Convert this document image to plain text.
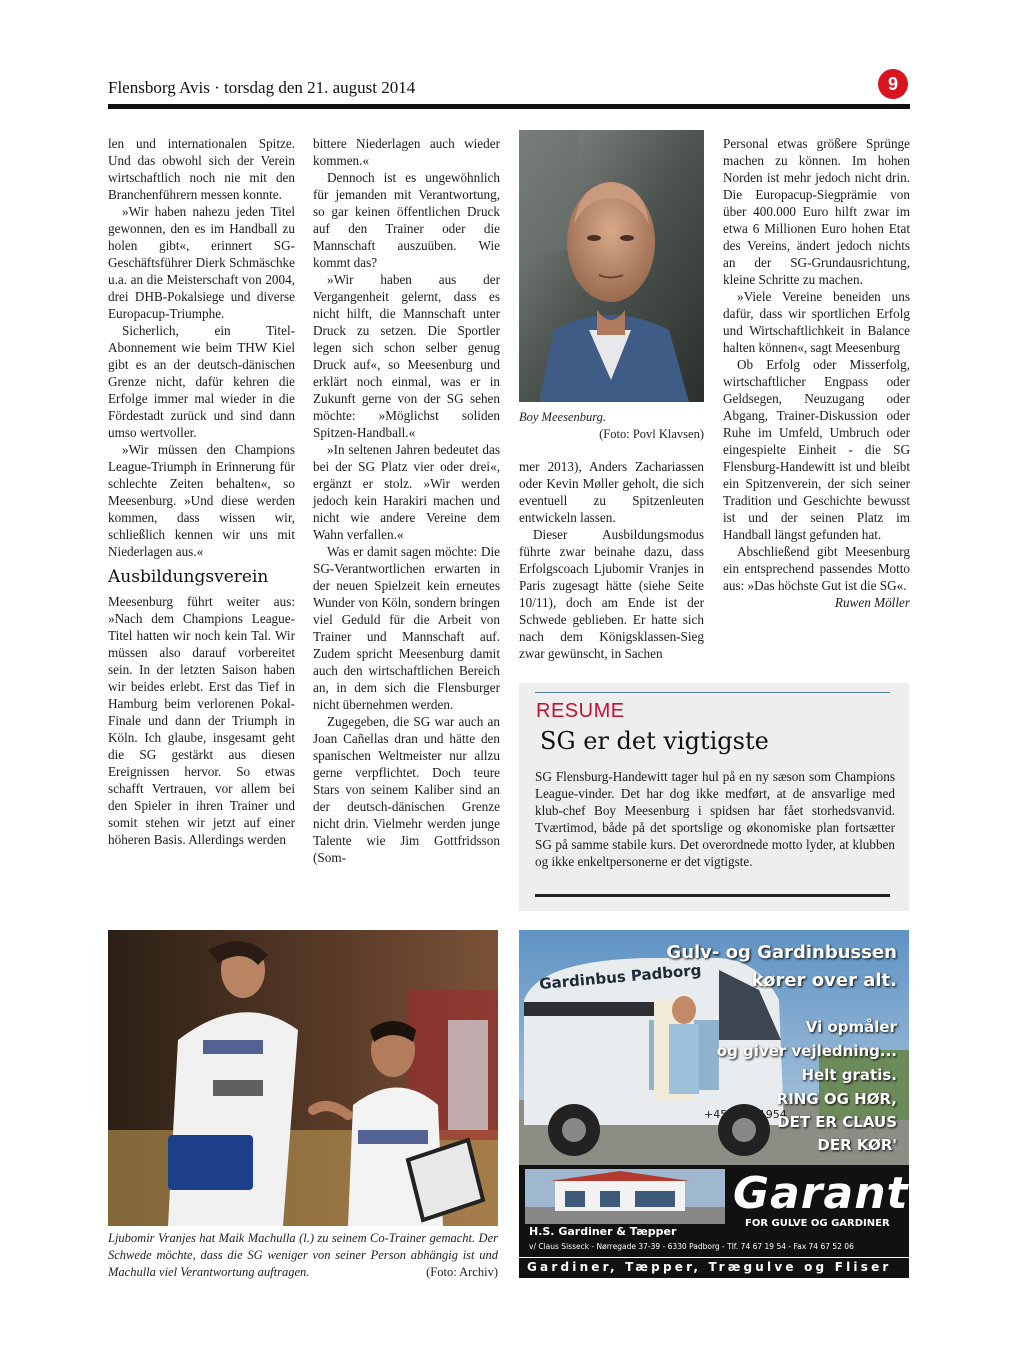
Flensborg Avis · torsdag den 21. august 2014	9

len und internationalen Spitze. Und das obwohl sich der Verein wirtschaftlich noch nie mit den Branchenführern messen konnte.

»Wir haben nahezu jeden Titel gewonnen, den es im Handball zu holen gibt«, erinnert SG-Geschäftsführer Dierk Schmäschke u.a. an die Meisterschaft von 2004, drei DHB-Pokalsiege und diverse Europacup-Triumphe.

Sicherlich, ein Titel-Abonnement wie beim THW Kiel gibt es an der deutsch-dänischen Grenze nicht, dafür kehren die Erfolge immer mal wieder in die Fördestadt zurück und sind dann umso wertvoller.

»Wir müssen den Champions League-Triumph in Erinnerung für schlechte Zeiten behalten«, so Meesenburg. »Und diese werden kommen, dass wissen wir, schließlich kennen wir uns mit Niederlagen aus.«

Ausbildungsverein

Meesenburg führt weiter aus: »Nach dem Champions League-Titel hatten wir noch kein Tal. Wir müssen also darauf vorbereitet sein. In der letzten Saison haben wir beides erlebt. Erst das Tief in Hamburg beim verlorenen Pokal-Finale und dann der Triumph in Köln. Ich glaube, insgesamt geht die SG gestärkt aus diesen Ereignissen hervor. So etwas schafft Vertrauen, vor allem bei den Spieler in ihren Trainer und somit stehen wir jetzt auf einer höheren Basis. Allerdings werden

bittere Niederlagen auch wieder kommen.«

Dennoch ist es ungewöhnlich für jemanden mit Verantwortung, so gar keinen öffentlichen Druck auf den Trainer oder die Mannschaft auszuüben. Wie kommt das?

»Wir haben aus der Vergangenheit gelernt, dass es nicht hilft, die Mannschaft unter Druck zu setzen. Die Sportler legen sich schon selber genug Druck auf«, so Meesenburg und erklärt noch einmal, was er in Zukunft gerne von der SG sehen möchte: »Möglichst soliden Spitzen-Handball.«

»In seltenen Jahren bedeutet das bei der SG Platz vier oder drei«, ergänzt er stolz. »Wir werden jedoch kein Harakiri machen und nicht wie andere Vereine dem Wahn verfallen.«

Was er damit sagen möchte: Die SG-Verantwortlichen erwarten in der neuen Spielzeit kein erneutes Wunder von Köln, sondern bringen viel Geduld für die Arbeit von Trainer und Mannschaft auf. Zudem spricht Meesenburg damit auch den wirtschaftlichen Bereich an, in dem sich die Flensburger nicht übernehmen werden.

Zugegeben, die SG war auch an Joan Cañellas dran und hätte den spanischen Weltmeister nur allzu gerne verpflichtet. Doch teure Stars von seinem Kaliber sind an der deutsch-dänischen Grenze nicht drin. Vielmehr werden junge Talente wie Jim Gottfridsson (Som-

Boy Meesenburg.
(Foto: Povl Klavsen)

mer 2013), Anders Zachariassen oder Kevin Møller geholt, die sich eventuell zu Spitzenleuten entwickeln lassen.

Dieser Ausbildungsmodus führte zwar beinahe dazu, dass Erfolgscoach Ljubomir Vranjes in Paris zugesagt hätte (siehe Seite 10/11), doch am Ende ist der Schwede geblieben. Er hatte sich nach dem Königsklassen-Sieg zwar gewünscht, in Sachen

Personal etwas größere Sprünge machen zu können. Im hohen Norden ist mehr jedoch nicht drin. Die Europacup-Siegprämie von über 400.000 Euro hilft zwar im etwa 6 Millionen Euro hohen Etat des Vereins, ändert jedoch nichts an der SG-Grundausrichtung, kleine Schritte zu machen.

»Viele Vereine beneiden uns dafür, dass wir sportlichen Erfolg und Wirtschaftlichkeit in Balance halten können«, sagt Meesenburg

Ob Erfolg oder Misserfolg, wirtschaftlicher Engpass oder Geldsegen, Neuzugang oder Abgang, Trainer-Diskussion oder Ruhe im Umfeld, Umbruch oder eingespielte Einheit - die SG Flensburg-Handewitt ist und bleibt ein Spitzenverein, der sich seiner Tradition und Geschichte bewusst ist und der seinen Platz im Handball längst gefunden hat.

Abschließend gibt Meesenburg ein entsprechend passendes Motto aus: »Das höchste Gut ist die SG«.

Ruwen Möller
RESUME
SG er det vigtigste
SG Flensburg-Handewitt tager hul på en ny sæson som Champions League-vinder. Det har dog ikke medført, at de ansvarlige med klub-chef Boy Meesenburg i spidsen har fået storhedsvanvid. Tværtimod, både på det sportslige og økonomiske plan fortsætter SG på samme stabile kurs. Det overordnede motto lyder, at klubben og ikke enkeltpersonerne er det vigtigste.
Ljubomir Vranjes hat Maik Machulla (l.) zu seinem Co-Trainer gemacht. Der Schwede möchte, dass die SG weniger von seiner Person abhängig ist und Machulla viel Verantwortung auftragen.	(Foto: Archiv)
Gardinbus Padborg
+45 74671954
Gulv- og Gardinbussen
kører over alt.
Vi opmåler
og giver vejledning...
Helt gratis.
RING OG HØR,
DET ER CLAUS
DER KØR'
Garant
FOR GULVE OG GARDINER
H.S. Gardiner & Tæpper
v/ Claus Sisseck - Nørregade 37-39 - 6330 Padborg - Tlf. 74 67 19 54 - Fax 74 67 52 06
Gardiner, Tæpper, Trægulve og Fliser
